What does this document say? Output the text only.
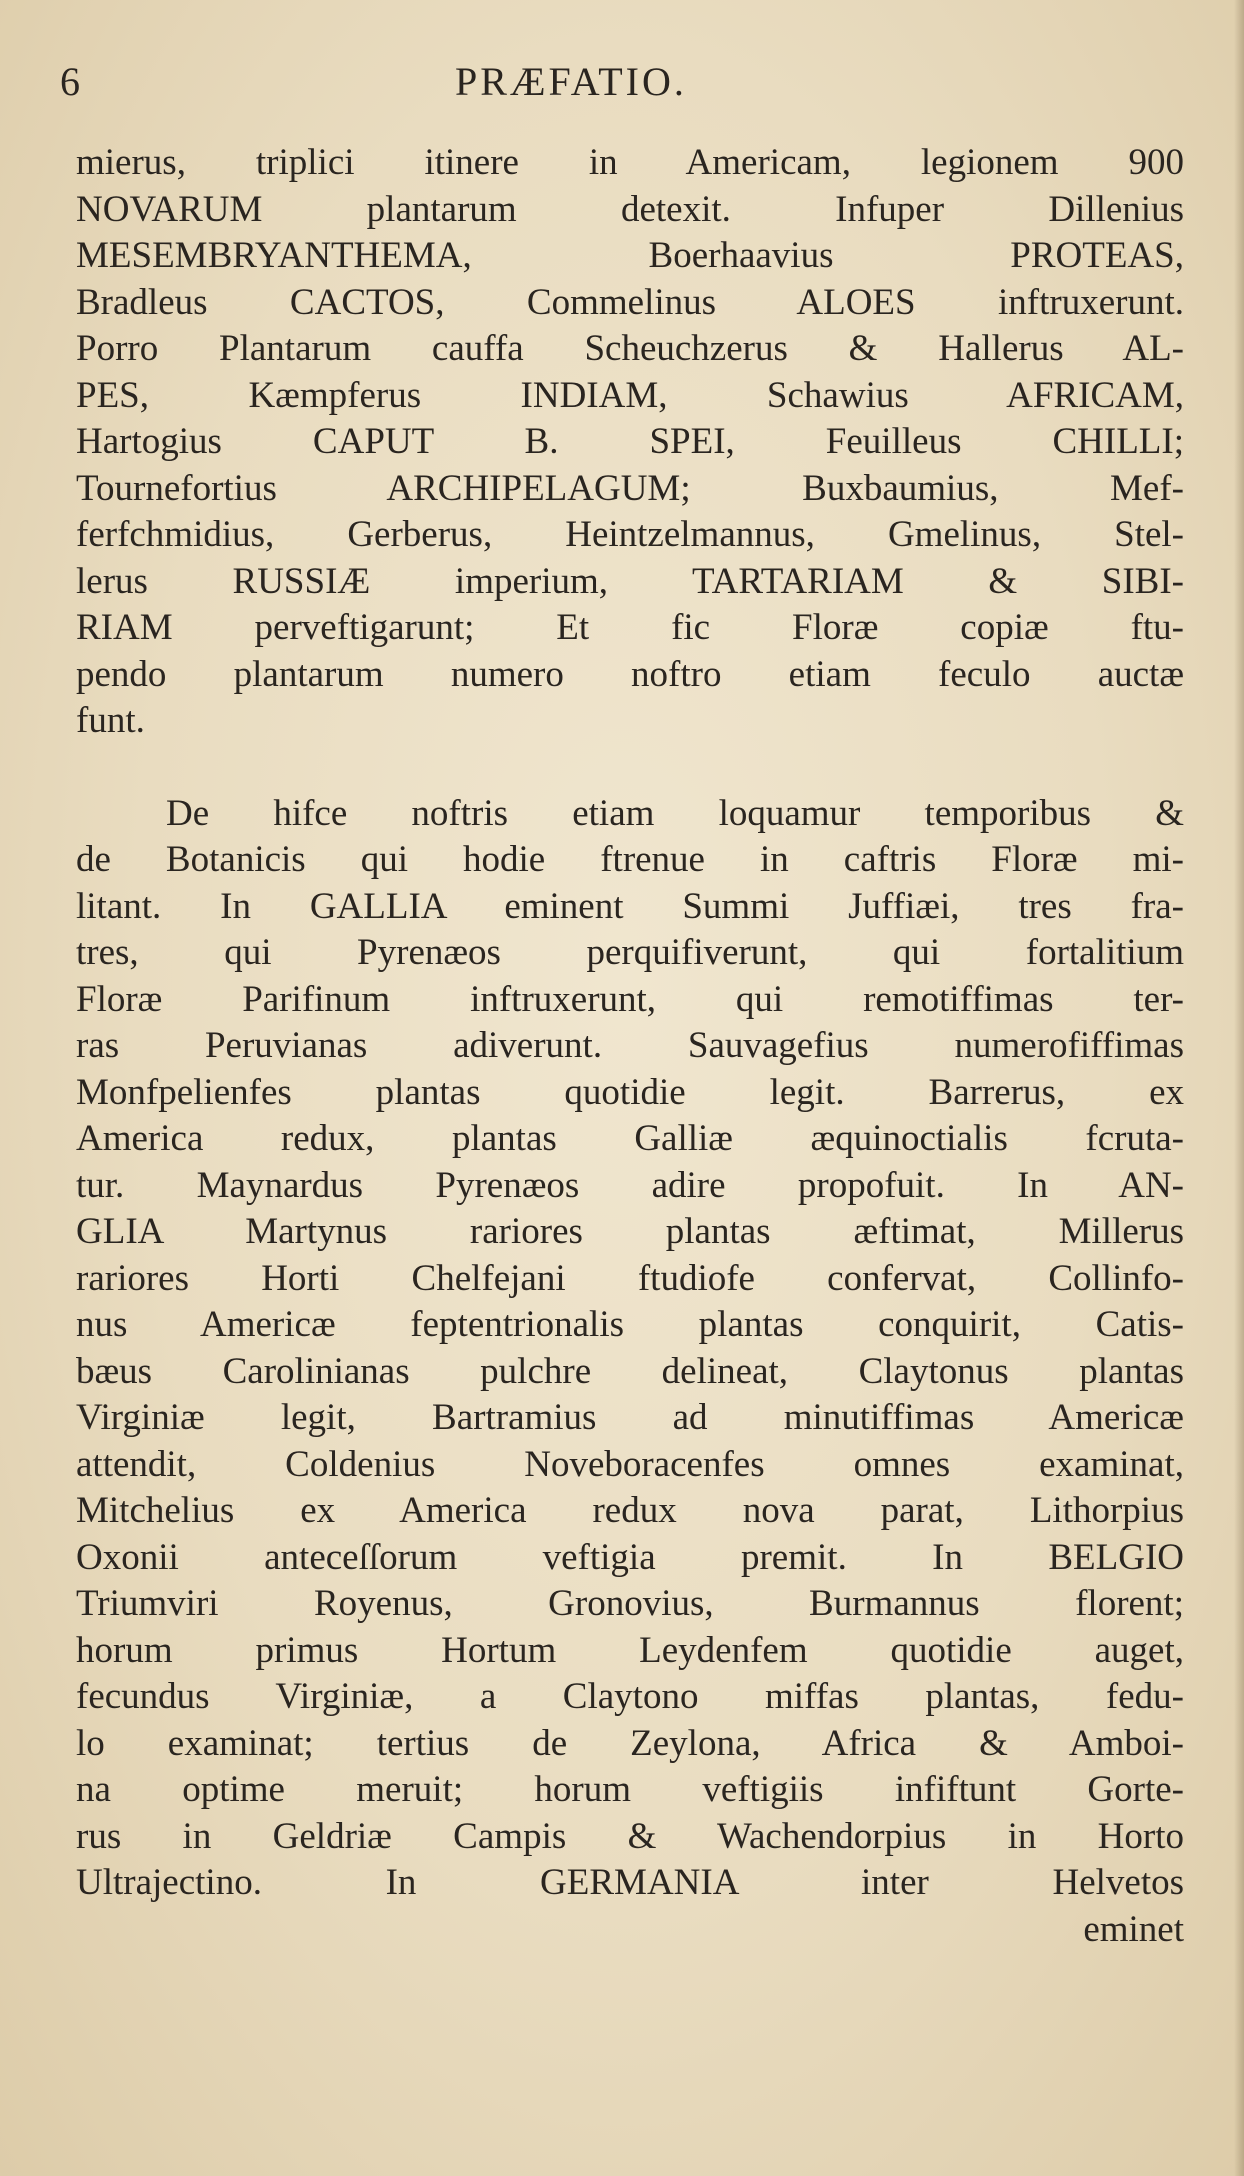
6	PRÆFATIO.
mierus, triplici itinere in Americam, legionem 900
NOVARUM plantarum detexit. Infuper Dillenius
MESEMBRYANTHEMA, Boerhaavius PROTEAS,
Bradleus CACTOS, Commelinus ALOES inftruxerunt.
Porro Plantarum cauffa Scheuchzerus & Hallerus AL-
PES, Kæmpferus INDIAM, Schawius AFRICAM,
Hartogius CAPUT B. SPEI, Feuilleus CHILLI;
Tournefortius ARCHIPELAGUM; Buxbaumius, Mef-
ferfchmidius, Gerberus, Heintzelmannus, Gmelinus, Stel-
lerus RUSSIÆ imperium, TARTARIAM & SIBI-
RIAM perveftigarunt; Et fic Floræ copiæ ftu-
pendo plantarum numero noftro etiam feculo auctæ
funt.
De hifce noftris etiam loquamur temporibus &
de Botanicis qui hodie ftrenue in caftris Floræ mi-
litant. In GALLIA eminent Summi Juffiæi, tres fra-
tres, qui Pyrenæos perquifiverunt, qui fortalitium
Floræ Parifinum inftruxerunt, qui remotiffimas ter-
ras Peruvianas adiverunt. Sauvagefius numerofiffimas
Monfpelienfes plantas quotidie legit. Barrerus, ex
America redux, plantas Galliæ æquinoctialis fcruta-
tur. Maynardus Pyrenæos adire propofuit. In AN-
GLIA Martynus rariores plantas æftimat, Millerus
rariores Horti Chelfejani ftudiofe confervat, Collinfo-
nus Americæ feptentrionalis plantas conquirit, Catis-
bæus Carolinianas pulchre delineat, Claytonus plantas
Virginiæ legit, Bartramius ad minutiffimas Americæ
attendit, Coldenius Noveboracenfes omnes examinat,
Mitchelius ex America redux nova parat, Lithorpius
Oxonii anteceſſorum veftigia premit. In BELGIO
Triumviri Royenus, Gronovius, Burmannus florent;
horum primus Hortum Leydenfem quotidie auget,
fecundus Virginiæ, a Claytono miffas plantas, fedu-
lo examinat; tertius de Zeylona, Africa & Amboi-
na optime meruit; horum veftigiis infiftunt Gorte-
rus in Geldriæ Campis & Wachendorpius in Horto
Ultrajectino. In GERMANIA inter Helvetos
eminet
